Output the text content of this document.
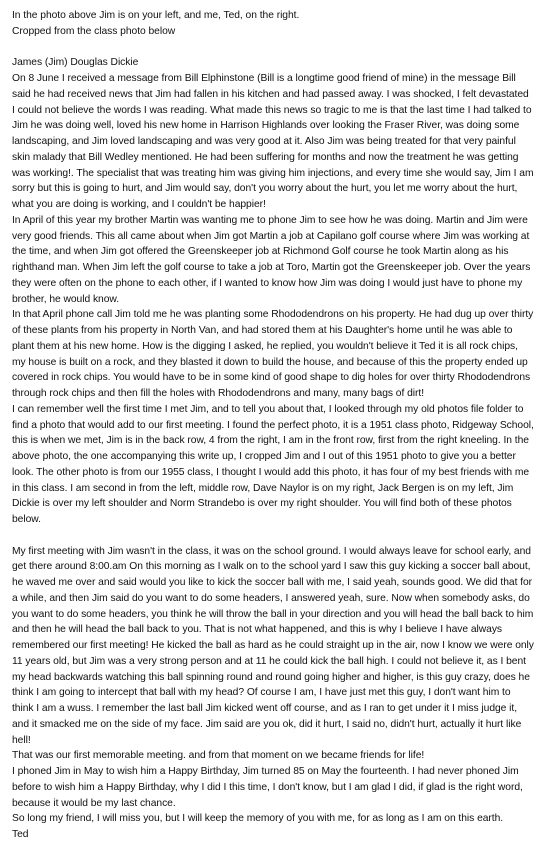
In the photo above Jim is on your left, and me, Ted, on the right.
Cropped from the class photo below
James (Jim) Douglas Dickie
On 8 June I received a message from Bill Elphinstone (Bill is a longtime good friend of mine) in the message Bill said he had received news that Jim had fallen in his kitchen and had passed away. I was shocked, I felt devastated I could not believe the words I was reading. What made this news so tragic to me is that the last time I had talked to Jim he was doing well, loved his new home in Harrison Highlands over looking the Fraser River, was doing some landscaping, and Jim loved landscaping and was very good at it. Also Jim was being treated for that very painful skin malady that Bill Wedley mentioned. He had been suffering for months and now the treatment he was getting was working!. The specialist that was treating him was giving him injections, and every time she would say, Jim I am sorry but this is going to hurt, and Jim would say, don't you worry about the hurt, you let me worry about the hurt, what you are doing is working, and I couldn't be happier!
In April of this year my brother Martin was wanting me to phone Jim to see how he was doing. Martin and Jim were very good friends. This all came about when Jim got Martin a job at Capilano golf course where Jim was working at the time, and when Jim got offered the Greenskeeper job at Richmond Golf course he took Martin along as his righthand man. When Jim left the golf course to take a job at Toro, Martin got the Greenskeeper job. Over the years they were often on the phone to each other, if I wanted to know how Jim was doing I would just have to phone my brother, he would know.
In that April phone call Jim told me he was planting some Rhododendrons on his property. He had dug up over thirty of these plants from his property in North Van, and had stored them at his Daughter's home until he was able to plant them at his new home. How is the digging I asked, he replied, you wouldn't believe it Ted it is all rock chips, my house is built on a rock, and they blasted it down to build the house, and because of this the property ended up covered in rock chips. You would have to be in some kind of good shape to dig holes for over thirty Rhododendrons through rock chips and then fill the holes with Rhododendrons and many, many bags of dirt!
I can remember well the first time I met Jim, and to tell you about that, I looked through my old photos file folder to find a photo that would add to our first meeting. I found the perfect photo, it is a 1951 class photo, Ridgeway School, this is when we met, Jim is in the back row, 4 from the right, I am in the front row, first from the right kneeling. In the above photo, the one accompanying this write up, I cropped Jim and I out of this 1951 photo to give you a better look. The other photo is from our 1955 class, I thought I would add this photo, it has four of my best friends with me in this class. I am second in from the left, middle row, Dave Naylor is on my right, Jack Bergen is on my left, Jim Dickie is over my left shoulder and Norm Strandebo is over my right shoulder. You will find both of these photos below.
My first meeting with Jim wasn't in the class, it was on the school ground. I would always leave for school early, and get there around 8:00.am On this morning as I walk on to the school yard I saw this guy kicking a soccer ball about, he waved me over and said would you like to kick the soccer ball with me, I said yeah, sounds good. We did that for a while, and then Jim said do you want to do some headers, I answered yeah, sure. Now when somebody asks, do you want to do some headers, you think he will throw the ball in your direction and you will head the ball back to him and then he will head the ball back to you. That is not what happened, and this is why I believe I have always remembered our first meeting! He kicked the ball as hard as he could straight up in the air, now I know we were only 11 years old, but Jim was a very strong person and at 11 he could kick the ball high. I could not believe it, as I bent my head backwards watching this ball spinning round and round going higher and higher, is this guy crazy, does he think I am going to intercept that ball with my head? Of course I am, I have just met this guy, I don't want him to think I am a wuss. I remember the last ball Jim kicked went off course, and as I ran to get under it I miss judge it, and it smacked me on the side of my face. Jim said are you ok, did it hurt, I said no, didn't hurt, actually it hurt like hell!
That was our first memorable meeting. and from that moment on we became friends for life!
I phoned Jim in May to wish him a Happy Birthday, Jim turned 85 on May the fourteenth. I had never phoned Jim before to wish him a Happy Birthday, why I did I this time, I don't know, but I am glad I did, if glad is the right word, because it would be my last chance.
So long my friend, I will miss you, but I will keep the memory of you with me, for as long as I am on this earth.
Ted
